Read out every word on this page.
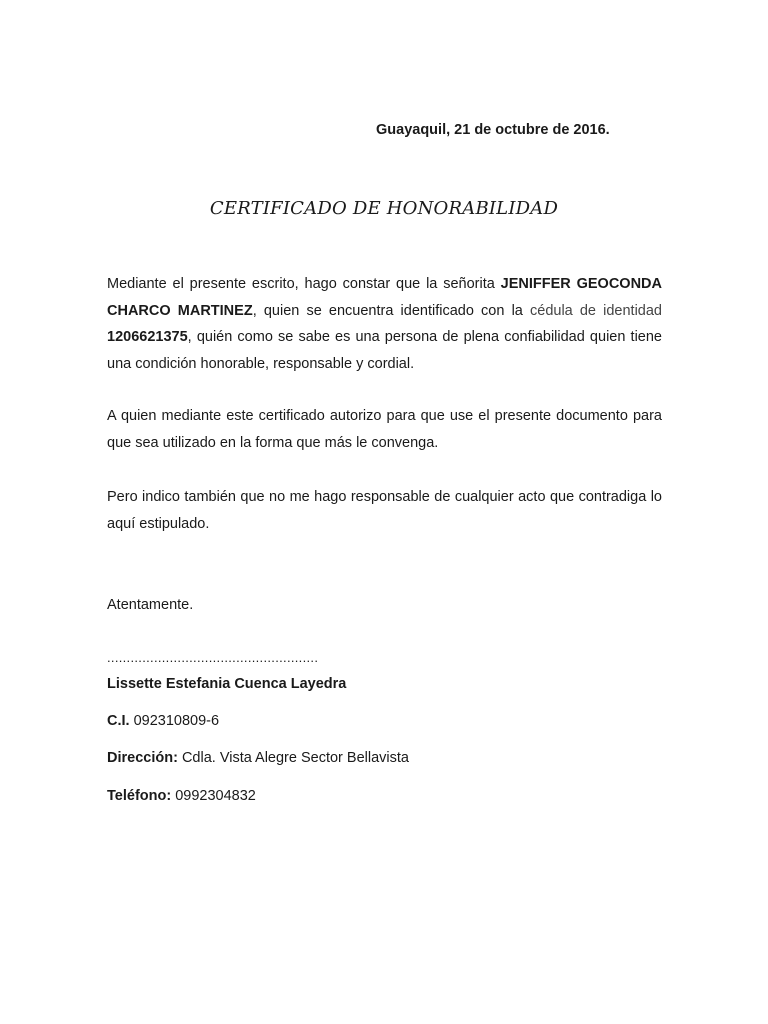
Guayaquil, 21 de octubre de 2016.
CERTIFICADO DE HONORABILIDAD

Mediante el presente escrito, hago constar que la señorita JENIFFER GEOCONDA CHARCO MARTINEZ, quien se encuentra identificado con la cédula de identidad 1206621375, quién como se sabe es una persona de plena confiabilidad quien tiene una condición honorable, responsable y cordial.

A quien mediante este certificado autorizo para que use el presente documento para que sea utilizado en la forma que más le convenga.

Pero indico también que no me hago responsable de cualquier acto que contradiga lo aquí estipulado.

Atentamente.
......................................................
Lissette Estefania Cuenca Layedra
C.I. 092310809-6
Dirección: Cdla. Vista Alegre Sector Bellavista
Teléfono: 0992304832
